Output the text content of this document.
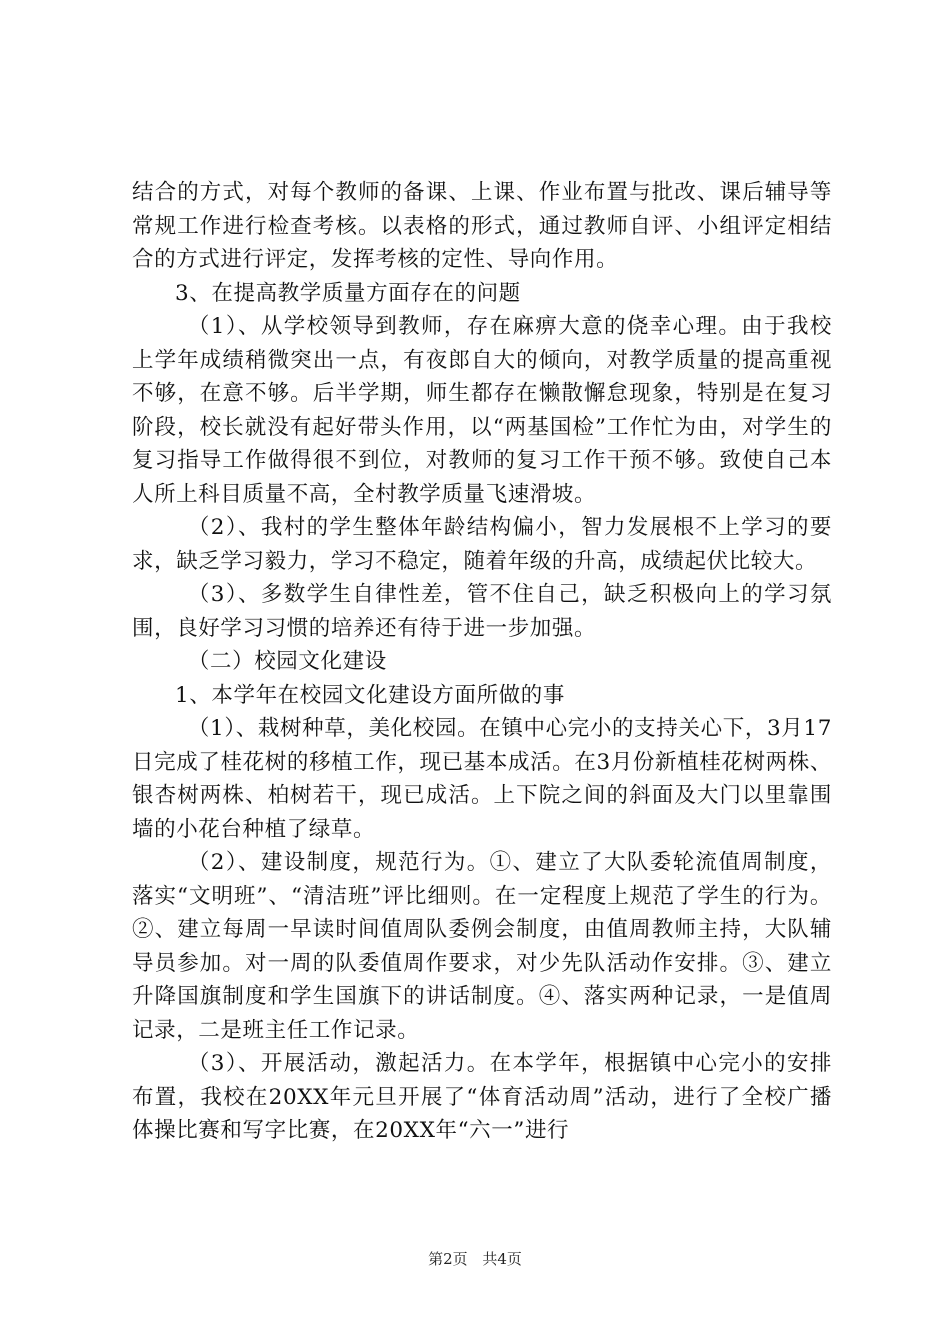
结合的方式，对每个教师的备课、上课、作业布置与批改、课后辅导等常规工作进行检查考核。以表格的形式，通过教师自评、小组评定相结合的方式进行评定，发挥考核的定性、导向作用。

3、在提高教学质量方面存在的问题

（1）、从学校领导到教师，存在麻痹大意的侥幸心理。由于我校上学年成绩稍微突出一点，有夜郎自大的倾向，对教学质量的提高重视不够，在意不够。后半学期，师生都存在懒散懈怠现象，特别是在复习阶段，校长就没有起好带头作用，以“两基国检”工作忙为由，对学生的复习指导工作做得很不到位，对教师的复习工作干预不够。致使自己本人所上科目质量不高，全村教学质量飞速滑坡。

（2）、我村的学生整体年龄结构偏小，智力发展根不上学习的要求，缺乏学习毅力，学习不稳定，随着年级的升高，成绩起伏比较大。

（3）、多数学生自律性差，管不住自己，缺乏积极向上的学习氛围，良好学习习惯的培养还有待于进一步加强。

（二）校园文化建设

1、本学年在校园文化建设方面所做的事

（1）、栽树种草，美化校园。在镇中心完小的支持关心下，3月17日完成了桂花树的移植工作，现已基本成活。在3月份新植桂花树两株、银杏树两株、柏树若干，现已成活。上下院之间的斜面及大门以里靠围墙的小花台种植了绿草。

（2）、建设制度，规范行为。①、建立了大队委轮流值周制度，落实“文明班”、“清洁班”评比细则。在一定程度上规范了学生的行为。②、建立每周一早读时间值周队委例会制度，由值周教师主持，大队辅导员参加。对一周的队委值周作要求，对少先队活动作安排。③、建立升降国旗制度和学生国旗下的讲话制度。④、落实两种记录，一是值周记录，二是班主任工作记录。

（3）、开展活动，激起活力。在本学年，根据镇中心完小的安排布置，我校在20XX年元旦开展了“体育活动周”活动，进行了全校广播体操比赛和写字比赛，在20XX年“六一”进行

第2页 共4页
